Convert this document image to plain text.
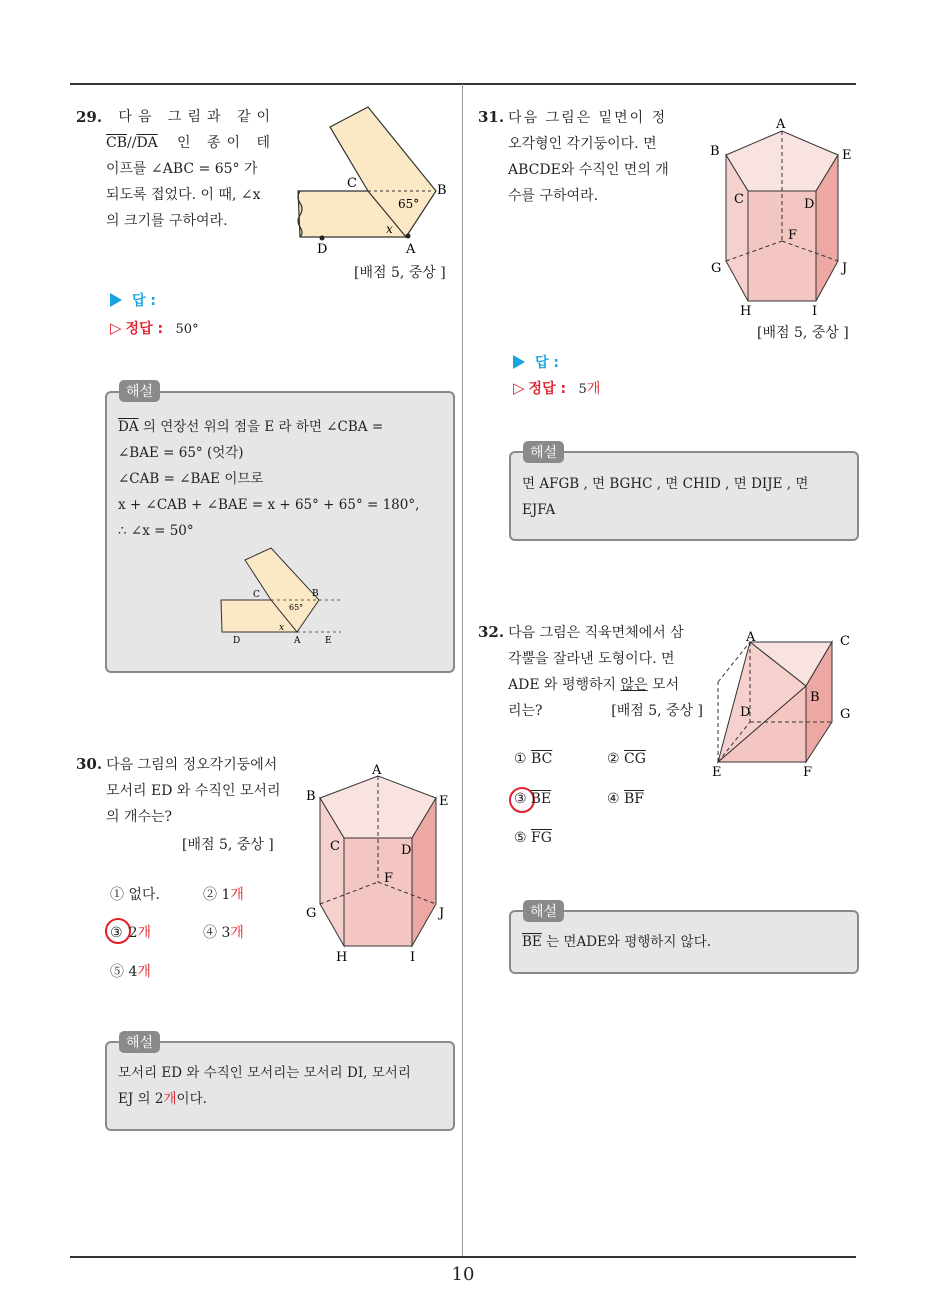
10
29. 다음 그림과 같이
$\overline{CB}//\overline{DA}$ 인 종이 테
이프를 ∠ABC = 65° 가
되도록 접었다. 이 때, ∠x
의 크기를 구하여라.
C	B
65°
x
A
D
[배점 5, 중상 ]
답 :
▷ 정답 : 50°
해설
$\overline{DA}$ 의 연장선 위의 점을 E 라 하면 ∠CBA =
∠BAE = 65° (엇각)
∠CAB = ∠BAE 이므로
x + ∠CAB + ∠BAE = x + 65° + 65° = 180°,
∴ ∠x = 50°
C	B
65°
x
A
D	E
30. 다음 그림의 정오각기둥에서
모서리 ED 와 수직인 모서리
의 개수는?
[배점 5, 중상 ]
① 없다.	② 1개
③ 2개	④ 3개
⑤ 4개
A
B	E
C	D
F
G	J
H	I
해설
모서리 ED 와 수직인 모서리는 모서리 DI, 모서리
EJ 의 2개이다.
31. 다음 그림은 밑면이 정
오각형인 각기둥이다. 면
ABCDE와 수직인 면의 개
수를 구하여라.
A
B	E
C	D
F
G	J
H	I
[배점 5, 중상 ]
답 :
▷ 정답 : 5개
해설
면 AFGB , 면 BGHC , 면 CHID , 면 DIJE , 면
EJFA
32. 다음 그림은 직육면체에서 삼
각뿔을 잘라낸 도형이다. 면
ADE 와 평행하지 않은 모서
리는?	[배점 5, 중상 ]
A	C
B
D	G
E	F
① $\overline{BC}$	② $\overline{CG}$
③ $\overline{BE}$	④ $\overline{BF}$
⑤ $\overline{FG}$
해설
$\overline{BE}$ 는 면ADE와 평행하지 않다.
